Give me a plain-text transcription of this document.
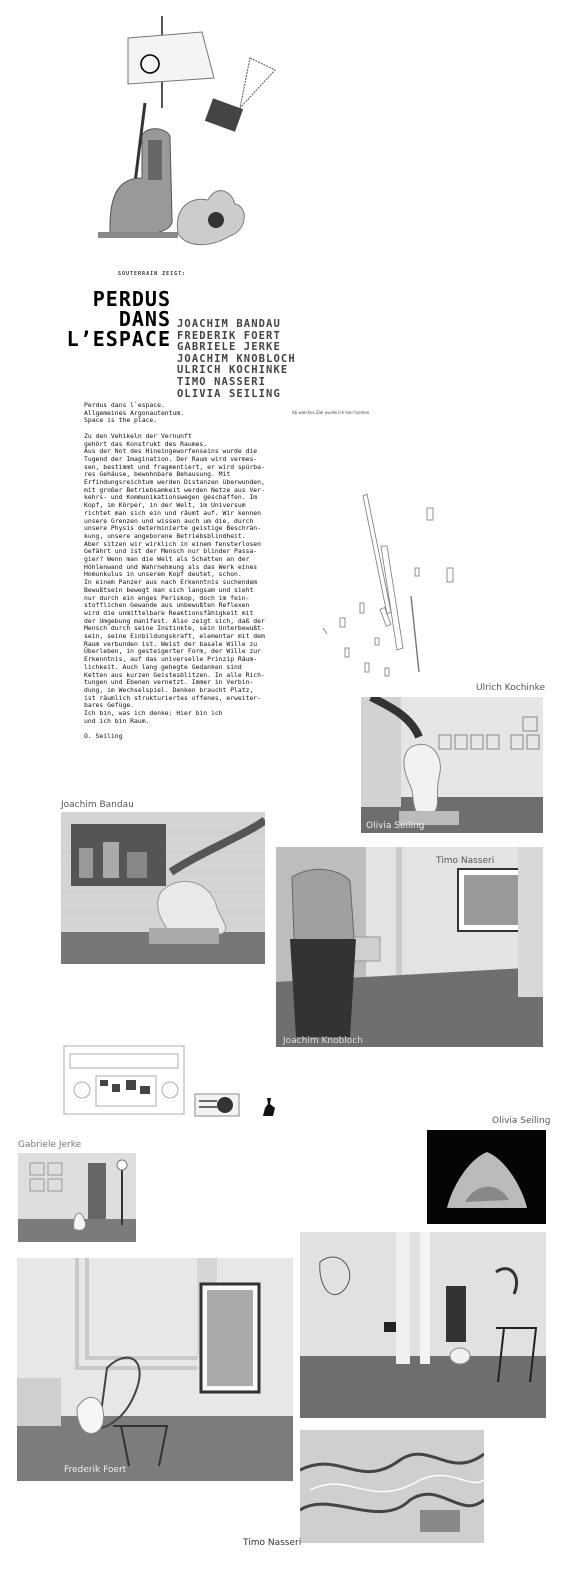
SOUTERRAIN ZEIGT:
PERDUS
DANS
L’ESPACE
JOACHIM BANDAU
FREDERIK FOERT
GABRIELE JERKE
JOACHIM KNOBLOCH
ULRICH KOCHINKE
TIMO NASSERI
OLIVIA SEILING

Perdus dans l`espace.
Allgemeines Argonautentum.
Space is the place.

Zu den Vehikeln der Vernunft
gehört das Konstrukt des Raumes.
Aus der Not des Hineingeworfenseins wurde die
Tugend der Imagination. Der Raum wird vermes-
sen, bestimmt und fragmentiert, er wird spürba-
res Gehäuse, bewohnbare Behausung. Mit
Erfindungsreichtum werden Distanzen überwunden,
mit großer Betriebsamkeit werden Netze aus Ver-
kehrs- und Kommunikationswegen geschaffen. Im
Kopf, im Körper, in der Welt, im Universum
richtet man sich ein und räumt auf. Wir kennen
unsere Grenzen und wissen auch um die, durch
unsere Physis determinierte geistige Beschrän-
kung, unsere angeborene Betriebsblindheit.
Aber sitzen wir wirklich in einem fensterlosen
Gefährt und ist der Mensch nur blinder Passa-
gier? Wenn man die Welt als Schatten an der
Höhlenwand und Wahrnehmung als das Werk eines
Homunkulus in unserem Kopf deutet, schon.
In einem Panzer aus nach Erkenntnis suchendem
Bewußtsein bewegt man sich langsam und sieht
nur durch ein enges Periskop, doch im fein-
stofflichen Gewande aus unbewußten Reflexen
wird die unmittelbare Reaktionsfähigkeit mit
der Umgebung manifest. Also zeigt sich, daß der
Mensch durch seine Instinkte, sein Unterbewußt-
sein, seine Einbildungskraft, elementar mit dem
Raum verbunden ist. Weist der basale Wille zu
Überleben, in gesteigerter Form, der Wille zur
Erkenntnis, auf das universelle Prinzip Räum-
lichkeit. Auch lang gehegte Gedanken sind
Ketten aus kurzen Geistesblitzen. In alle Rich-
tungen und Ebenen vernetzt. Immer in Verbin-
dung, im Wechselspiel. Denken braucht Platz,
ist räumlich strukturiertes offenes, erweiter-
bares Gefüge.
Ich bin, was ich denke: Hier bin ich
und ich bin Raum.

O. Seiling

Ab welches Ziel wurde ich hier hylmen
Ulrich Kochinke
Olivia Seiling
Joachim Bandau
Timo Nasseri
Joachim Knobloch
Olivia Seiling
Gabriele Jerke
Frederik Foert
Timo Nasseri
